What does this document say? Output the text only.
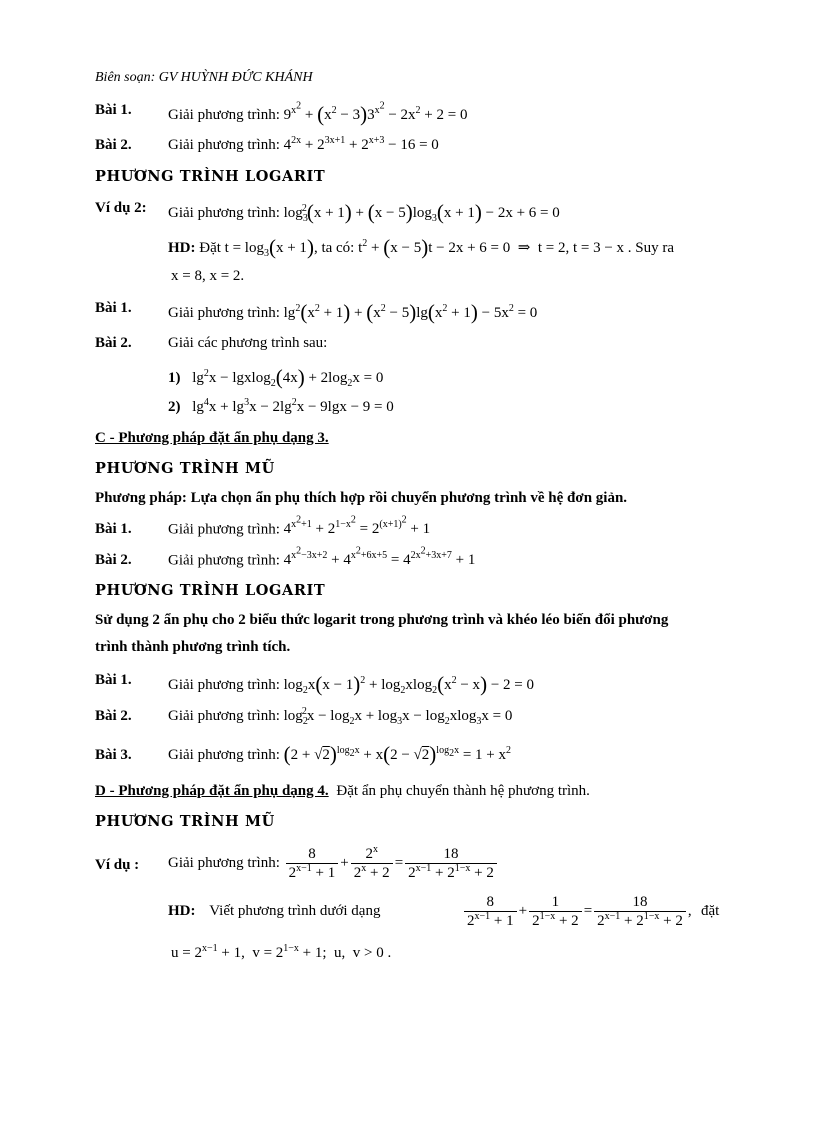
Biên soạn: GV HUỲNH ĐỨC KHÁNH
Bài 1. Giải phương trình: $9^{x^2} + (x^2 - 3)3^{x^2} - 2x^2 + 2 = 0$
Bài 2. Giải phương trình: $4^{2x} + 2^{3x+1} + 2^{x+3} - 16 = 0$
PHƯƠNG TRÌNH LOGARIT
Ví dụ 2: Giải phương trình: $\log_3^2(x + 1) + (x - 5)\log_3(x + 1) - 2x + 6 = 0$
HD: Đặt $t = \log_3(x + 1)$, ta có: $t^2 + (x - 5)t - 2x + 6 = 0$  ⇒  t = 2, t = 3 − x . Suy ra
x = 8, x = 2.
Bài 1. Giải phương trình: $\lg^2(x^2 + 1) + (x^2 - 5)\lg(x^2 + 1) - 5x^2 = 0$
Bài 2. Giải các phương trình sau:
1) $\lg^2x - lgxlog_2(4x) + 2\log_2x = 0$
2) $\lg^4x + \lg^3x - 2\lg^2x - 9\lg x - 9 = 0$
C - Phương pháp đặt ẩn phụ dạng 3.
PHƯƠNG TRÌNH MŨ
Phương pháp: Lựa chọn ẩn phụ thích hợp rồi chuyển phương trình về hệ đơn giản.
Bài 1. Giải phương trình: $4^{x^2+1} + 2^{1-x^2} = 2^{(x+1)^2} + 1$
Bài 2. Giải phương trình: $4^{x^2-3x+2} + 4^{x^2+6x+5} = 4^{2x^2+3x+7} + 1$
PHƯƠNG TRÌNH LOGARIT
Sử dụng 2 ẩn phụ cho 2 biểu thức logarit trong phương trình và khéo léo biến đổi phương
trình thành phương trình tích.
Bài 1. Giải phương trình: $\log_2x(x - 1)^2 + \log_2xlog_2(x^2 - x) - 2 = 0$
Bài 2. Giải phương trình: $\log_2^2x - \log_2x + \log_3x - \log_2xlog_3x = 0$
Bài 3. Giải phương trình: $(2 + √2)^{log_2x} + x(2 - √2)^{log_2x} = 1 + x^2$
D - Phương pháp đặt ẩn phụ dạng 4. Đặt ẩn phụ chuyển thành hệ phương trình.
PHƯƠNG TRÌNH MŨ
Ví dụ : Giải phương trình: $\frac{8}{2^{x-1} + 1} + \frac{2^x}{2^x + 2} = \frac{18}{2^{x-1} + 2^{1-x} + 2}$
HD: Viết phương trình dưới dạng	$\frac{8}{2^{x-1} + 1} + \frac{1}{2^{1-x} + 2} = \frac{18}{2^{x-1} + 2^{1-x} + 2}$ , đặt
$u = 2^{x-1} + 1$,  $v = 2^{1-x} + 1$;  u,  v > 0 .
